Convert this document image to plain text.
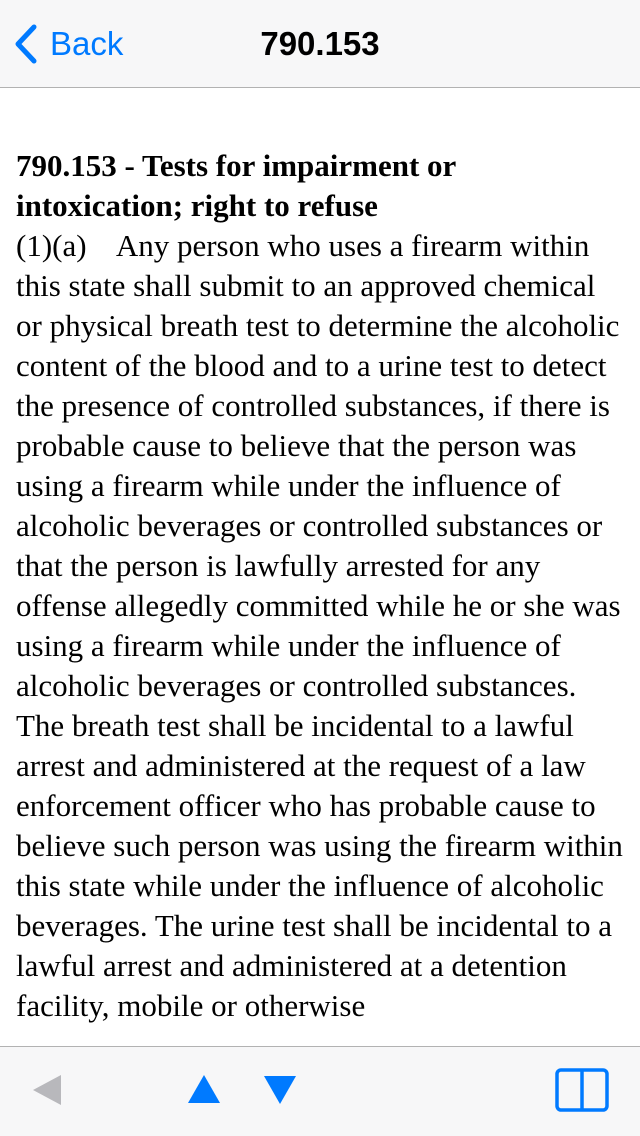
Back	790.153

790.153 - Tests for impairment or intoxication; right to refuse

(1)(a)    Any person who uses a firearm within this state shall submit to an approved chemical or physical breath test to determine the alcoholic content of the blood and to a urine test to detect the presence of controlled substances, if there is probable cause to believe that the person was using a firearm while under the influence of alcoholic beverages or controlled substances or that the person is lawfully arrested for any offense allegedly committed while he or she was using a firearm while under the influence of alcoholic beverages or controlled substances. The breath test shall be incidental to a lawful arrest and administered at the request of a law enforcement officer who has probable cause to believe such person was using the firearm within this state while under the influence of alcoholic beverages. The urine test shall be incidental to a lawful arrest and administered at a detention facility, mobile or otherwise
